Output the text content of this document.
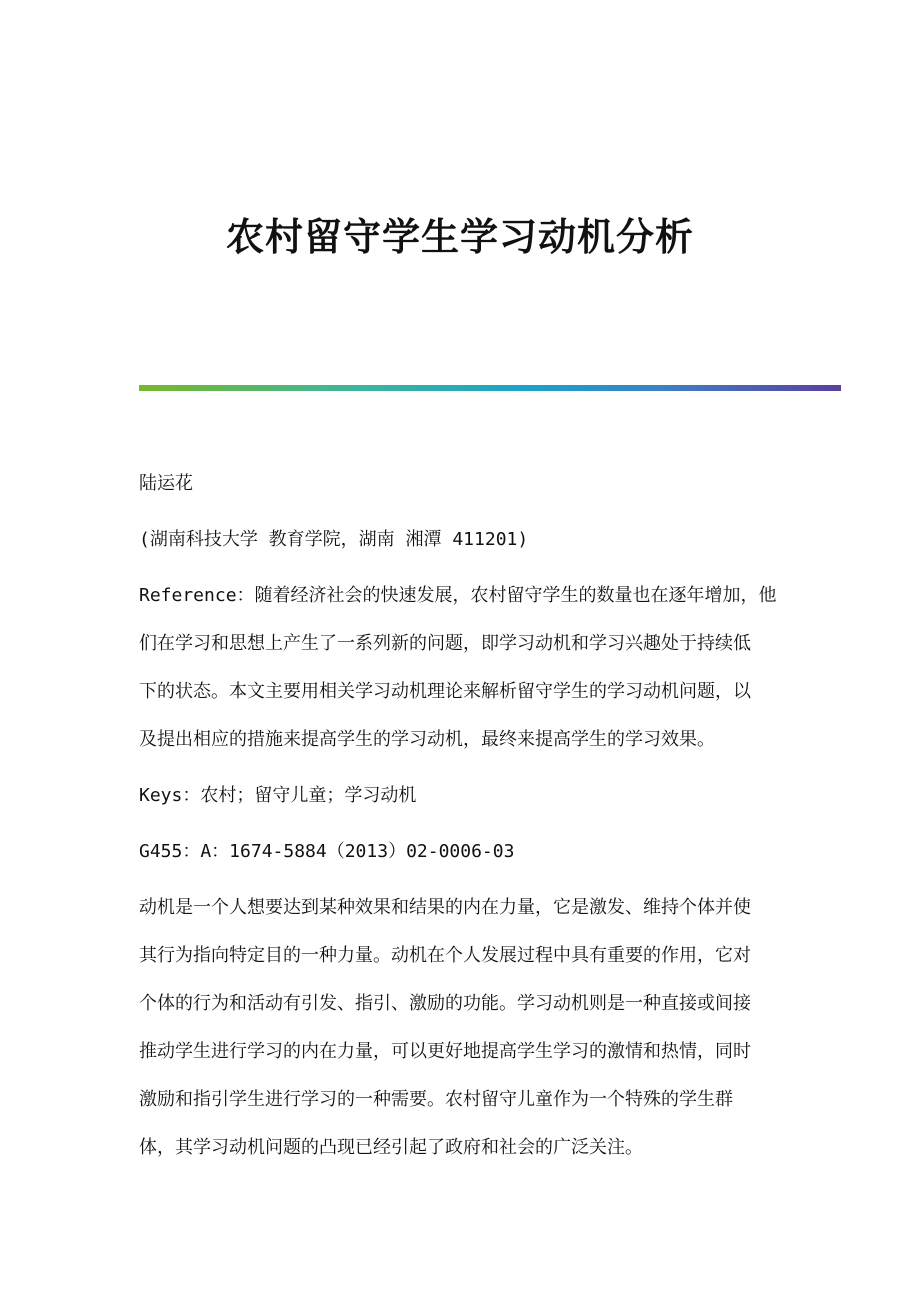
农村留守学生学习动机分析

陆运花

(湖南科技大学 教育学院，湖南 湘潭 411201)

Reference：随着经济社会的快速发展，农村留守学生的数量也在逐年增加，他

们在学习和思想上产生了一系列新的问题，即学习动机和学习兴趣处于持续低

下的状态。本文主要用相关学习动机理论来解析留守学生的学习动机问题，以

及提出相应的措施来提高学生的学习动机，最终来提高学生的学习效果。

Keys：农村；留守儿童；学习动机

G455：A：1674-5884（2013）02-0006-03

动机是一个人想要达到某种效果和结果的内在力量，它是激发、维持个体并使

其行为指向特定目的一种力量。动机在个人发展过程中具有重要的作用，它对

个体的行为和活动有引发、指引、激励的功能。学习动机则是一种直接或间接

推动学生进行学习的内在力量，可以更好地提高学生学习的激情和热情，同时

激励和指引学生进行学习的一种需要。农村留守儿童作为一个特殊的学生群

体，其学习动机问题的凸现已经引起了政府和社会的广泛关注。
